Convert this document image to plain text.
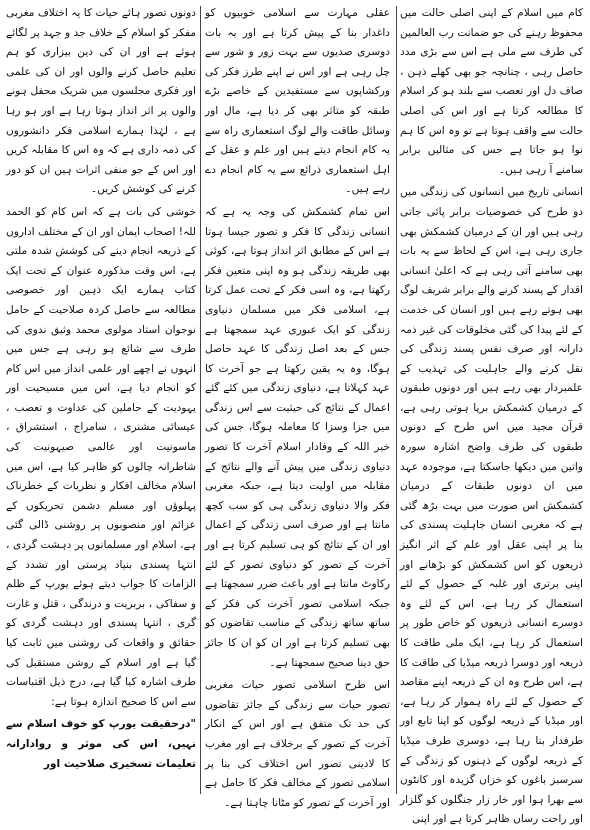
کام میں اسلام کے اپنی اصلی حالت میں محفوظ رہنے کی جو ضمانت رب العالمین کی طرف سے ملی ہے اس سے بڑی مدد حاصل رہی ، چنانچہ جو بھی کھلے ذہن ، صاف دل اور تعصب سے بلند ہو کر اسلام کا مطالعہ کرتا ہے اور اس کی اصلی حالت سے واقف ہوتا ہے تو وہ اس کا ہم نوا ہو جاتا ہے جس کی مثالیں برابر سامنے آ رہی ہیں۔

انسانی تاریخ میں انسانوں کی زندگی میں دو طرح کی خصوصیات برابر پائی جاتی رہی ہیں اور ان کے درمیان کشمکش بھی جاری رہی ہے، اس کے لحاظ سے یہ بات بھی سامنے آتی رہی ہے کہ اعلیٰ انسانی اقدار کے پسند کرنے والے برابر شریف لوگ بھی ہوتے رہے ہیں اور انسان کی خدمت کے لئے پیدا کی گئی مخلوقات کی غیر ذمہ دارانہ اور صرف نفس پسند زندگی کی نقل کرنے والے جاہلیت کی تہذیب کے علمبردار بھی رہے ہیں اور دونوں طبقوں کے درمیان کشمکش برپا ہوتی رہی ہے، قرآن مجید میں اس طرح کے دونوں طبقوں کی طرف واضح اشارہ سورہ واتین میں دیکھا جاسکتا ہے، موجودہ عہد میں ان دونوں طبقات کے درمیان کشمکش اس صورت میں بہت بڑھ گئی ہے کہ مغربی انسان جاہلیت پسندی کی بنا پر اپنی عقل اور علم کے اثر انگیز ذریعوں کو اس کشمکش کو بڑھانے اور اپنی برتری اور غلبہ کے حصول کے لئے استعمال کر رہا ہے، اس کے لئے وہ دوسرے انسانی ذریعوں کو خاص طور پر استعمال کر رہا ہے، ایک ملی طاقت کا ذریعہ اور دوسرا ذریعہ میڈیا کی طاقت کا ہے، اس طرح وہ ان کے ذریعہ اپنے مقاصد کے حصول کے لئے راہ ہموار کر رہا ہے، اور میڈیا کے ذریعہ لوگوں کو اپنا تابع اور طرفدار بنا رہا ہے، دوسری طرف میڈیا کے ذریعہ لوگوں کے ذہنوں کو زندگی کے سرسبز باغوں کو خزاں گزیدہ اور کانٹوں سے بھرا ہوا اور خار زار جنگلوں کو گلزار اور راحت رساں ظاہر کرتا ہے اور اپنی

عقلی مہارت سے اسلامی خوبیوں کو داغدار بنا کے پیش کرتا ہے اور یہ بات دوسری صدیوں سے بہت زور و شور سے چل رہی ہے اور اس نے اپنے طرز فکر کی ورکشاپوں سے مستفیدین کے خاصے بڑے طبقہ کو متاثر بھی کر دیا ہے، مال اور وسائل طاقت والے لوگ استعماری راہ سے یہ کام انجام دیتے ہیں اور علم و عقل کے اہل استعماری ذرائع سے یہ کام انجام دے رہے ہیں۔

اس تمام کشمکش کی وجہ یہ ہے کہ انسانی زندگی کا فکر و تصور جیسا ہوتا ہے اس کے مطابق اثر انداز ہوتا ہے، کوئی بھی طریقہ زندگی ہو وہ اپنی متعین فکر رکھتا ہے، وہ اسی فکر کے تحت عمل کرتا ہے، اسلامی فکر میں مسلمان دنیاوی زندگی کو ایک عبوری عہد سمجھتا ہے جس کے بعد اصل زندگی کا عہد حاصل ہوگا، وہ یہ یقین رکھتا ہے جو آخرت کا عہد کہلاتا ہے، دنیاوی زندگی میں کئے گئے اعمال کے نتائج کی حیثیت سے اس زندگی میں جزا وسزا کا معاملہ ہوگا، جس کی خبر اللہ کے وفادار اسلام آخرت کا تصور دنیاوی زندگی میں پیش آنے والے نتائج کے مقابلہ میں اولیت دیتا ہے، جبکہ مغربی فکر والا دنیاوی زندگی ہی کو سب کچھ مانتا ہے اور صرف اسی زندگی کے اعمال اور ان کے نتائج کو ہی تسلیم کرتا ہے اور آخرت کے تصور کو دنیاوی تصور کے لئے رکاوٹ مانتا ہے اور باعث ضرر سمجھتا ہے جبکہ اسلامی تصور آخرت کی فکر کے ساتھ ساتھ زندگی کے مناسب تقاضوں کو بھی تسلیم کرتا ہے اور ان کو ان کا جائز حق دینا صحیح سمجھتا ہے۔

اس طرح اسلامی تصور حیات مغربی تصور حیات سے زندگی کے جائز تقاضوں کی حد تک متفق ہے اور اس کے انکار آخرت کے تصور کے برخلاف ہے اور مغرب کا لادینی تصور اس اختلاف کی بنا پر اسلامی تصور کے مخالف فکر کا حامل ہے اور آخرت کے تصور کو مٹانا چاہتا ہے۔

دونوں تصور ہائے حیات کا یہ اختلاف مغربی مفکر کو اسلام کے خلاف جد و جہد پر لگائے ہوئے ہے اور ان کی دین بیزاری کو ہم تعلیم حاصل کرنے والوں اور ان کی علمی اور فکری مجلسوں میں شریک محفل ہونے والوں پر اثر انداز ہوتا رہا ہے اور ہو رہا ہے ، لہٰذا ہمارے اسلامی فکر دانشوروں کی ذمہ داری ہے کہ وہ اس کا مقابلہ کریں اور اس کے جو منفی اثرات ہیں ان کو دور کرنے کی کوشش کریں۔

خوشی کی بات ہے کہ اس کام کو الحمد للہ! اصحاب ایمان اور ان کے مختلف اداروں کے ذریعہ انجام دینے کی کوشش شدہ ملتی ہے، اس وقت مذکورہ عنوان کے تحت ایک کتاب ہمارے ایک ذہین اور خصوصی مطالعہ سے حاصل کردہ صلاحیت کے حامل نوجوان استاد مولوی محمد وثیق ندوی کی طرف سے شائع ہو رہی ہے جس میں انہوں نے اچھے اور علمی انداز میں اس کام کو انجام دیا ہے، اس میں مسیحیت اور یہودیت کے حاملین کی عداوت و تعصب ، عیسائی مشنری ، سامراج ، استشراق ، ماسونیت اور عالمی صیہونیت کی شاطرانہ چالوں کو ظاہر کیا ہے، اس میں اسلام مخالف افکار و نظریات کے خطرناک پہلوؤں اور مسلم دشمن تحریکوں کے عزائم اور منصوبوں پر روشنی ڈالی گئی ہے، اسلام اور مسلمانوں پر دہشت گردی ، انتہا پسندی بنیاد پرستی اور تشدد کے الزامات کا جواب دیتے ہوئے یورپ کے ظلم و سفاکی ، بربریت و درندگی ، قتل و غارت گری ، انتہا پسندی اور دہشت گردی کو حقائق و واقعات کی روشنی میں ثابت کیا گیا ہے اور اسلام کے روشن مستقبل کی طرف اشارہ کیا گیا ہے، درج ذیل اقتباسات سے اس کا صحیح اندازہ ہوتا ہے:

"درحقیقت یورپ کو خوف اسلام سے نہیں، اس کی موثر و روادارانہ تعلیمات تسخیری صلاحیت اور
